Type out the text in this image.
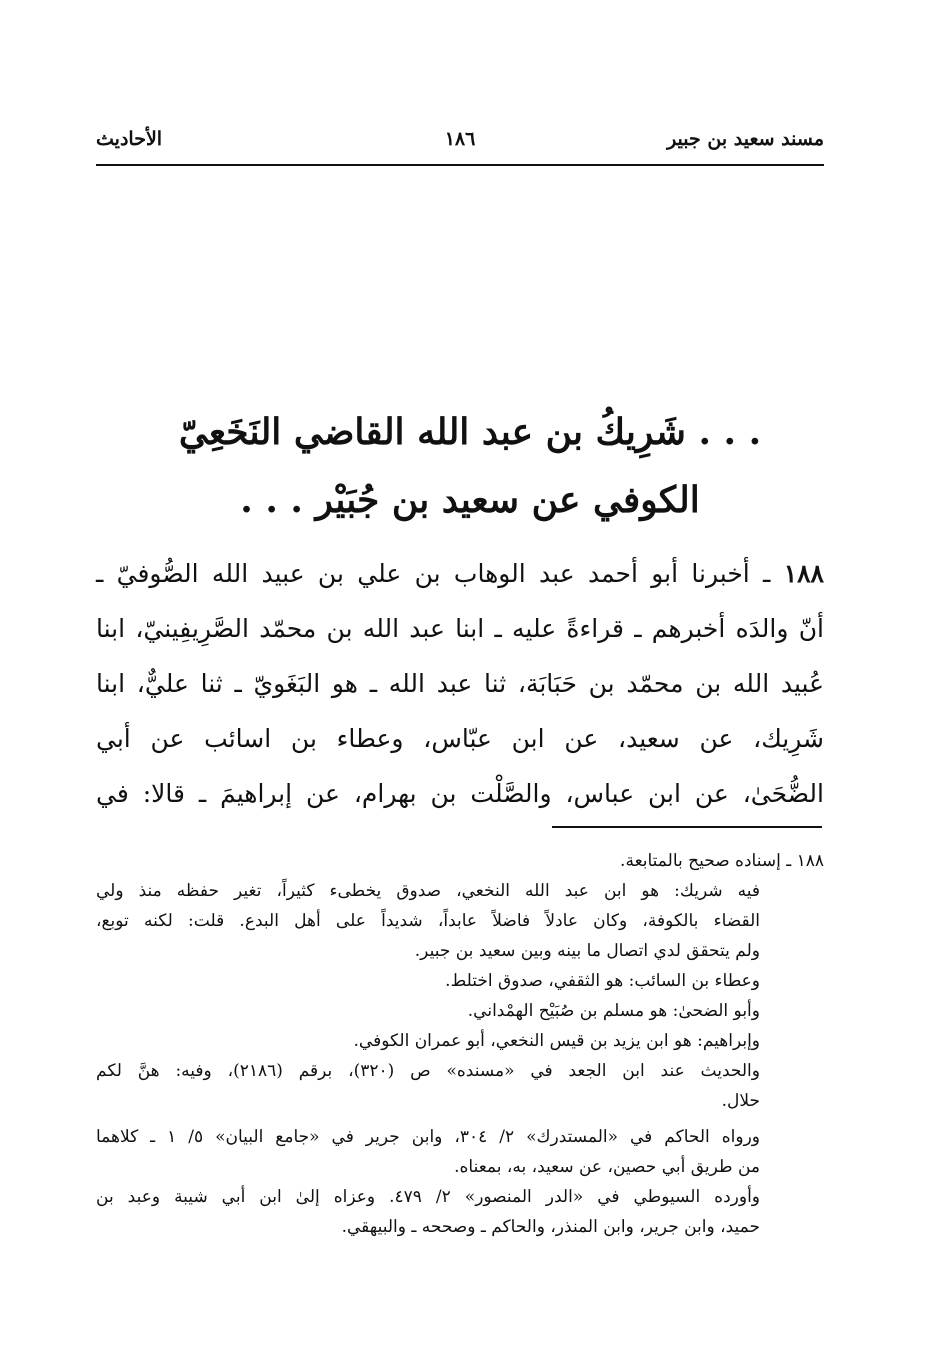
مسند سعيد بن جبير
١٨٦
الأحاديث
. . . شَرِيكُ بن عبد الله القاضي النَخَعِيّ
الكوفي عن سعيد بن جُبَيْر . . .
١٨٨ ـ أخبرنا أبو أحمد عبد الوهاب بن علي بن عبيد الله الصُّوفيّ ـ
أنّ والدَه أخبرهم ـ قراءةً عليه ـ ابنا عبد الله بن محمّد الصَّرِيفِينيّ، ابنا
عُبيد الله بن محمّد بن حَبَابَة، ثنا عبد الله ـ هو البَغَويّ ـ ثنا عليٌّ، ابنا
شَرِيك، عن سعيد، عن ابن عبّاس، وعطاء بن اسائب عن أبي
الضُّحَىٰ، عن ابن عباس، والصَّلْت بن بهرام، عن إبراهيمَ ـ قالا: في
١٨٨ ـ إسناده صحيح بالمتابعة.
فيه شريك: هو ابن عبد الله النخعي، صدوق يخطىء كثيراً، تغير حفظه منذ ولي
القضاء بالكوفة، وكان عادلاً فاضلاً عابداً، شديداً على أهل البدع. قلت: لكنه توبع،
ولم يتحقق لدي اتصال ما بينه وبين سعيد بن جبير.
وعطاء بن السائب: هو الثقفي، صدوق اختلط.
وأبو الضحىٰ: هو مسلم بن صُبَيْح الهمْداني.
وإبراهيم: هو ابن يزيد بن قيس النخعي، أبو عمران الكوفي.
والحديث عند ابن الجعد في «مسنده» ص (٣٢٠)، برقم (٢١٨٦)، وفيه: هنَّ لكم
حلال.
ورواه الحاكم في «المستدرك» ٢/ ٣٠٤، وابن جرير في «جامع البيان» ٥/ ١ ـ كلاهما
من طريق أبي حصين، عن سعيد، به، بمعناه.
وأورده السيوطي في «الدر المنصور» ٢/ ٤٧٩. وعزاه إلىٰ ابن أبي شيبة وعبد بن
حميد، وابن جرير، وابن المنذر، والحاكم ـ وصححه ـ والبيهقي.
